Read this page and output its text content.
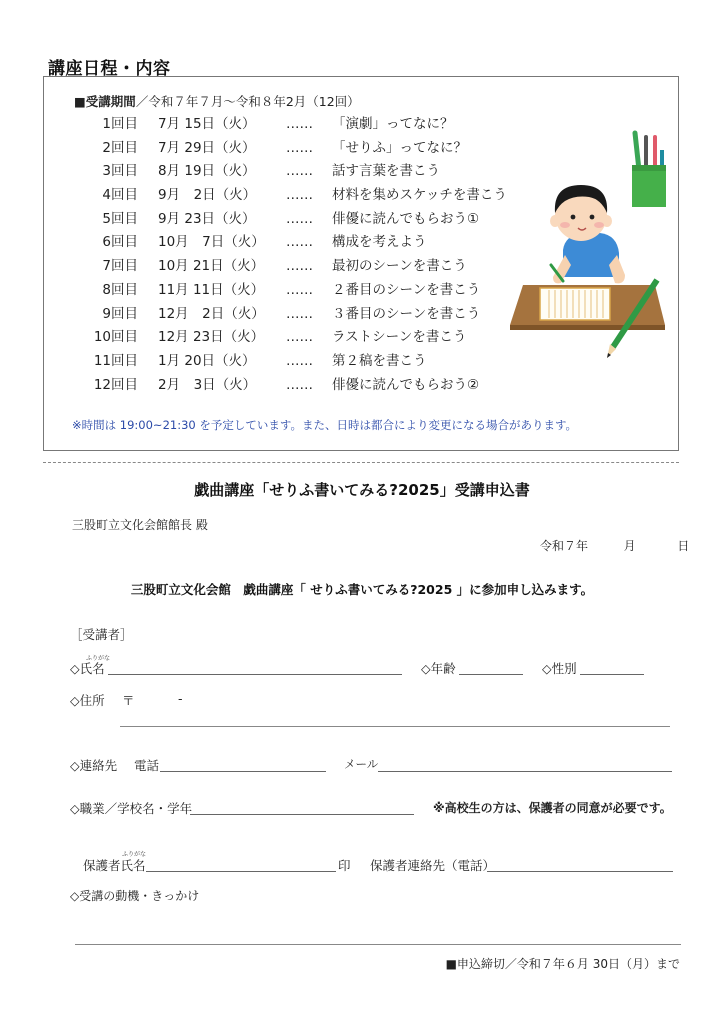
講座日程・内容
■受講期間／令和７年７月～令和８年2月（12回）
1回目 7月 15日（火）	…… 「演劇」ってなに？
2回目 7月 29日（火）	…… 「せりふ」ってなに？
3回目 8月 19日（火）	…… 話す言葉を書こう
4回目 9月　2日（火）	…… 材料を集めスケッチを書こう
5回目 9月 23日（火）	…… 俳優に読んでもらおう①
6回目 10月　7日（火）	…… 構成を考えよう
7回目 10月 21日（火）	…… 最初のシーンを書こう
8回目 11月 11日（火）	…… ２番目のシーンを書こう
9回目 12月　2日（火）	…… ３番目のシーンを書こう
10回目 12月 23日（火）	…… ラストシーンを書こう
11回目 1月 20日（火）	…… 第２稿を書こう
12回目 2月　3日（火）	…… 俳優に読んでもらおう②
※時間は 19:00~21:30 を予定しています。また、日時は都合により変更になる場合があります。
戯曲講座「せりふ書いてみる?2025」受講申込書
三股町立文化会館館長 殿
令和７年	月	日
三股町立文化会館　戯曲講座「 せりふ書いてみる?2025 」に参加申し込みます。
［受講者］
ふりがな
◇氏名	◇年齢	◇性別
◇住所 〒	-
◇連絡先 電話	メール
◇職業／学校名・学年	※高校生の方は、保護者の同意が必要です。
ふりがな
保護者氏名	印 保護者連絡先（電話）
◇受講の動機・きっかけ
■申込締切／令和７年６月 30日（月）まで
